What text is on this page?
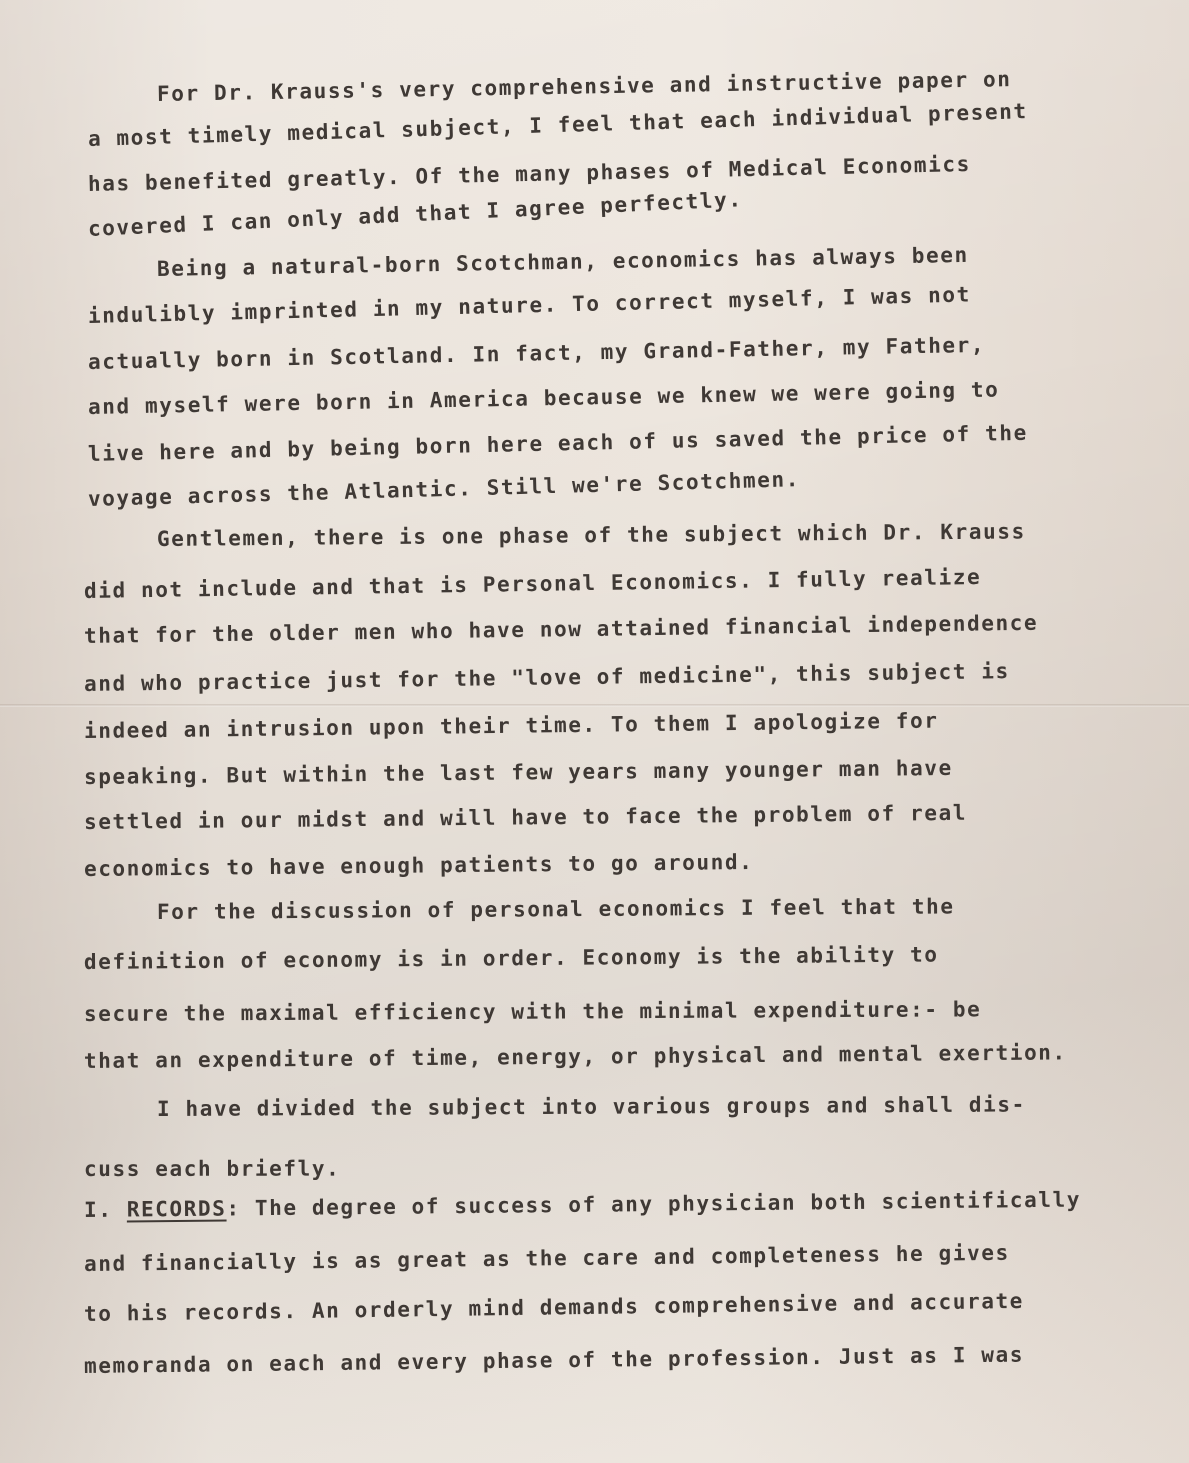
For Dr. Krauss's very comprehensive and instructive paper on

a most timely medical subject, I feel that each individual present

has benefited greatly. Of the many phases of Medical Economics

covered I can only add that I agree perfectly.

Being a natural-born Scotchman, economics has always been

indulibly imprinted in my nature. To correct myself, I was not

actually born in Scotland. In fact, my Grand-Father, my Father,

and myself were born in America because we knew we were going to

live here and by being born here each of us saved the price of the

voyage across the Atlantic. Still we're Scotchmen.

Gentlemen, there is one phase of the subject which Dr. Krauss

did not include and that is Personal Economics. I fully realize

that for the older men who have now attained financial independence

and who practice just for the "love of medicine", this subject is

indeed an intrusion upon their time. To them I apologize for

speaking. But within the last few years many younger man have

settled in our midst and will have to face the problem of real

economics to have enough patients to go around.

For the discussion of personal economics I feel that the

definition of economy is in order. Economy is the ability to

secure the maximal efficiency with the minimal expenditure:- be

that an expenditure of time, energy, or physical and mental exertion.

I have divided the subject into various groups and shall dis-

cuss each briefly.

I. RECORDS: The degree of success of any physician both scientifically

and financially is as great as the care and completeness he gives

to his records. An orderly mind demands comprehensive and accurate

memoranda on each and every phase of the profession. Just as I was
